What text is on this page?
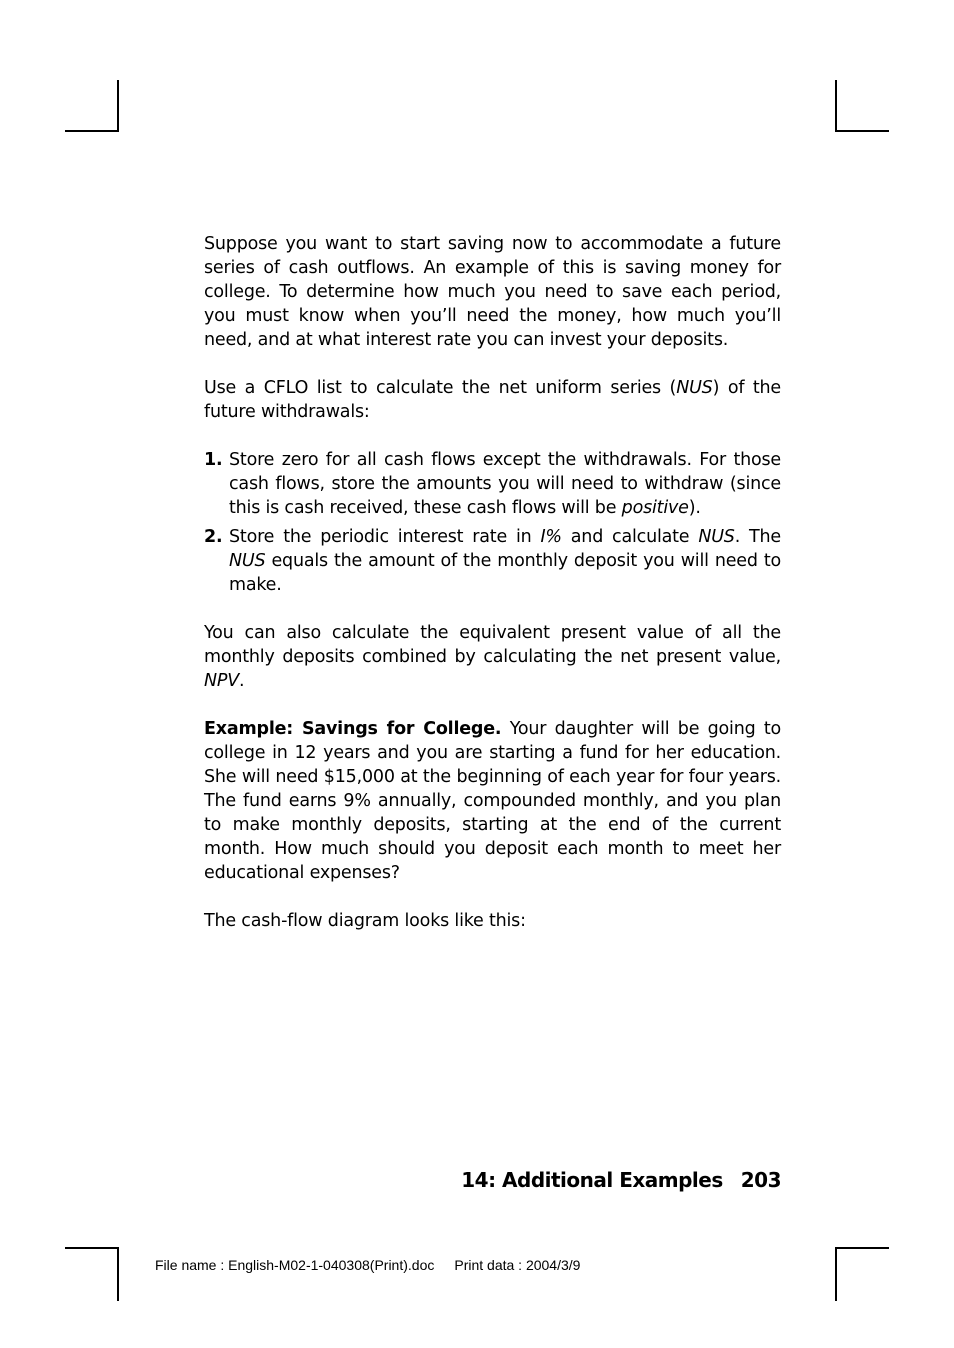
Suppose you want to start saving now to accommodate a future series of cash outflows. An example of this is saving money for college. To determine how much you need to save each period, you must know when you’ll need the money, how much you’ll need, and at what interest rate you can invest your deposits.

Use a CFLO list to calculate the net uniform series (NUS) of the future withdrawals:

1. Store zero for all cash flows except the withdrawals. For those cash flows, store the amounts you will need to withdraw (since this is cash received, these cash flows will be positive).
2. Store the periodic interest rate in I% and calculate NUS. The NUS equals the amount of the monthly deposit you will need to make.

You can also calculate the equivalent present value of all the monthly deposits combined by calculating the net present value, NPV.

Example: Savings for College. Your daughter will be going to college in 12 years and you are starting a fund for her education. She will need $15,000 at the beginning of each year for four years. The fund earns 9% annually, compounded monthly, and you plan to make monthly deposits, starting at the end of the current month. How much should you deposit each month to meet her educational expenses?

The cash-flow diagram looks like this:

14: Additional Examples 203
File name : English-M02-1-040308(Print).doc Print data : 2004/3/9
